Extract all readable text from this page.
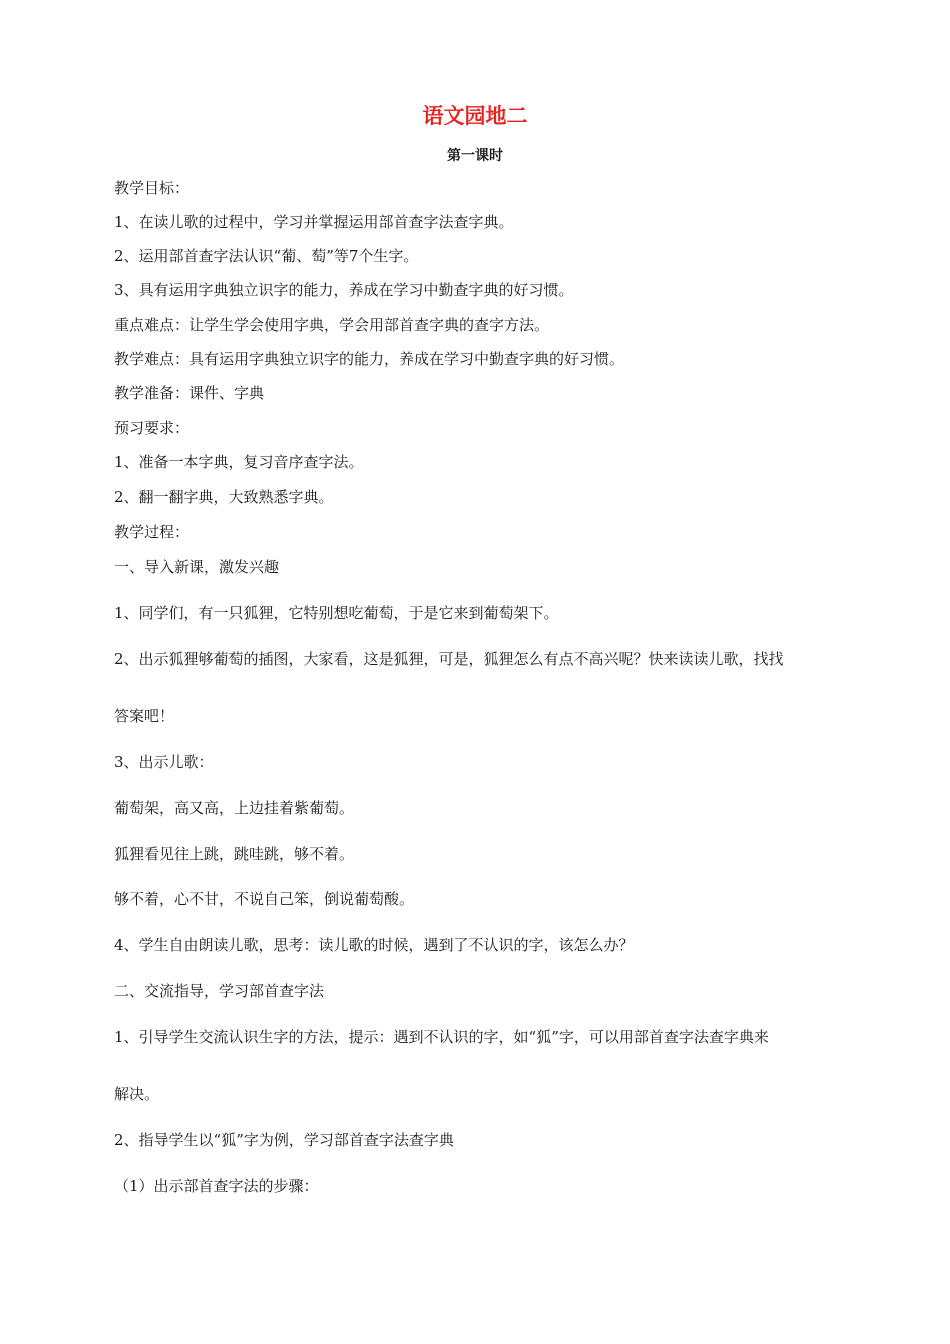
语文园地二
第一课时
教学目标：
1、在读儿歌的过程中，学习并掌握运用部首查字法查字典。
2、运用部首查字法认识“葡、萄”等7个生字。
3、具有运用字典独立识字的能力，养成在学习中勤查字典的好习惯。
重点难点：让学生学会使用字典，学会用部首查字典的查字方法。
教学难点：具有运用字典独立识字的能力，养成在学习中勤查字典的好习惯。
教学准备：课件、字典
预习要求：
1、准备一本字典，复习音序查字法。
2、翻一翻字典，大致熟悉字典。
教学过程：
一、导入新课，激发兴趣
1、同学们，有一只狐狸，它特别想吃葡萄，于是它来到葡萄架下。
2、出示狐狸够葡萄的插图，大家看，这是狐狸，可是，狐狸怎么有点不高兴呢？快来读读儿歌，找找
答案吧！
3、出示儿歌：
葡萄架，高又高，上边挂着紫葡萄。
狐狸看见往上跳，跳哇跳，够不着。
够不着，心不甘，不说自己笨，倒说葡萄酸。
4、学生自由朗读儿歌，思考：读儿歌的时候，遇到了不认识的字，该怎么办？
二、交流指导，学习部首查字法
1、引导学生交流认识生字的方法，提示：遇到不认识的字，如“狐”字，可以用部首查字法查字典来
解决。
2、指导学生以“狐”字为例，学习部首查字法查字典
（1）出示部首查字法的步骤：
